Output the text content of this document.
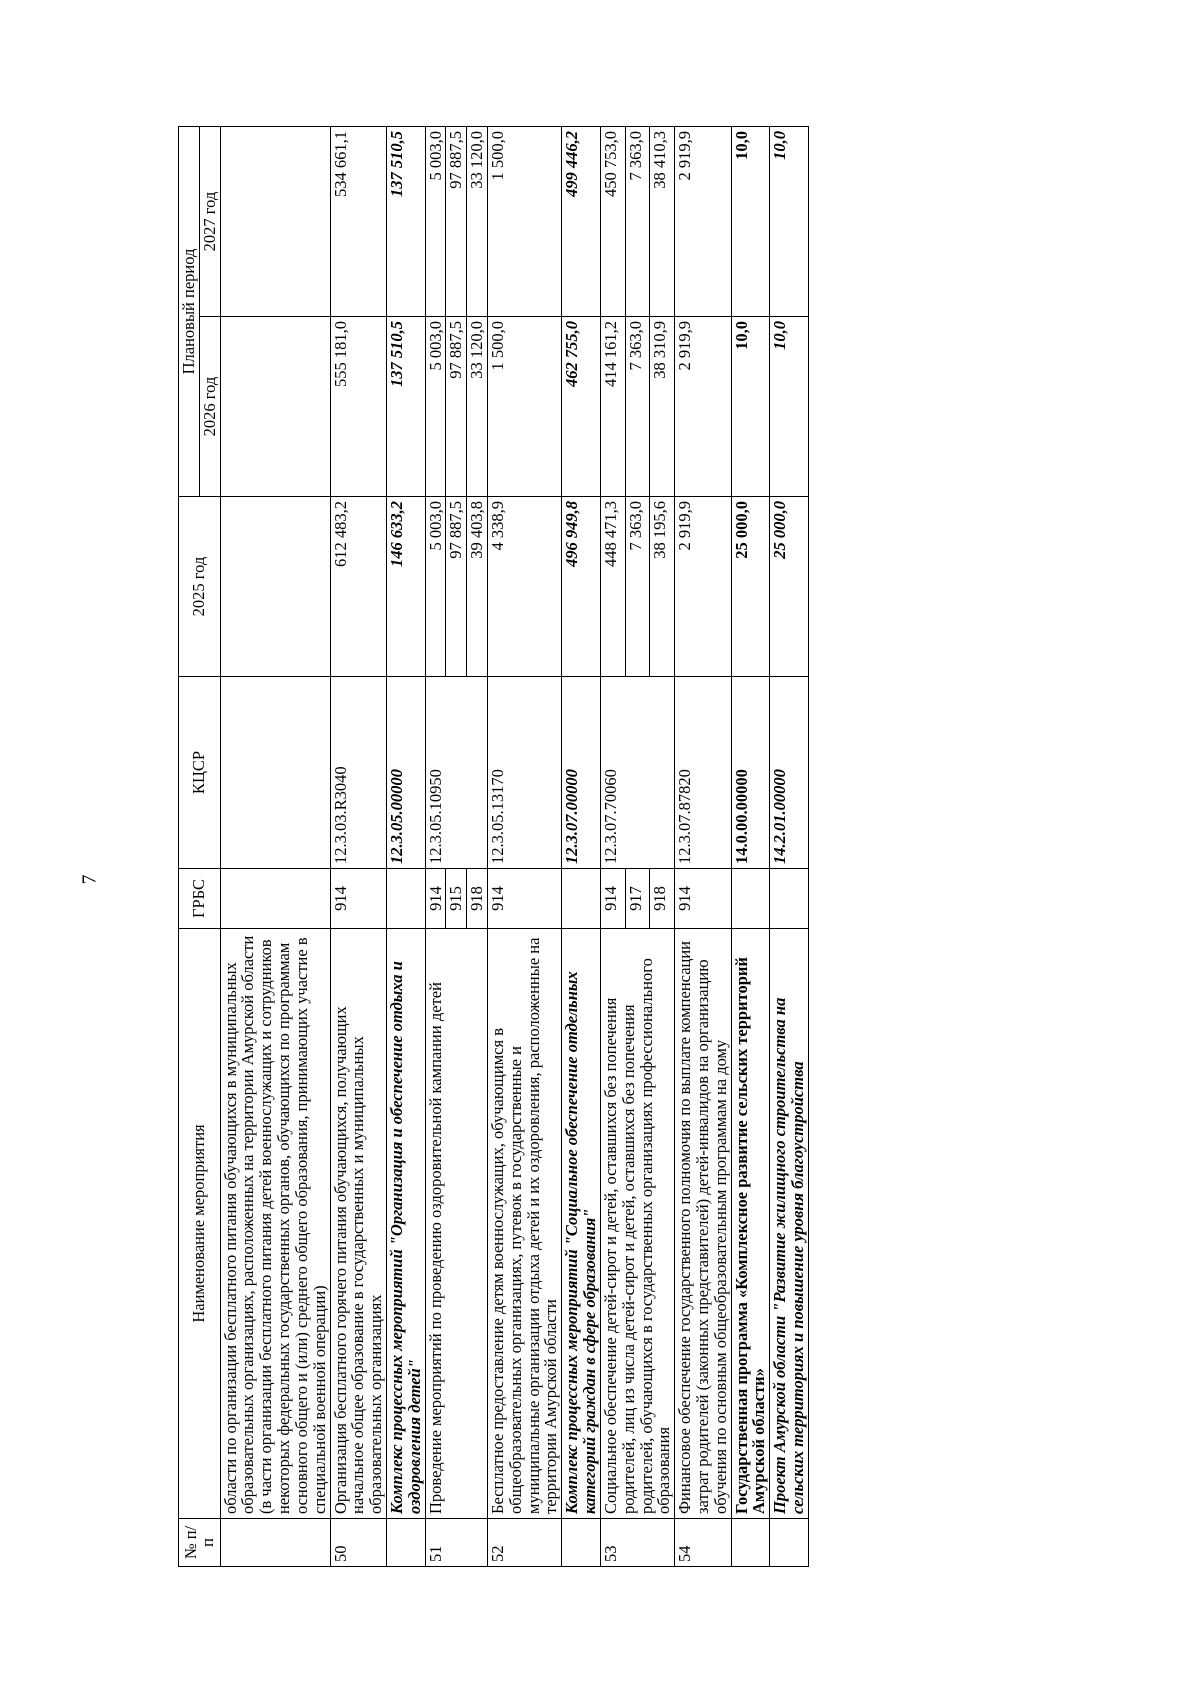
7
№ п/п	Наименование мероприятия	ГРБС	КЦСР	2025 год	Плановый период	
					2026 год	2027 год
	области по организации бесплатного питания обучающихся в муниципальных образовательных организациях, расположенных на территории Амурской области (в части организации бесплатного питания детей военнослужащих и сотрудников некоторых федеральных государственных органов, обучающихся по программам основного общего и (или) среднего общего образования, принимающих участие в специальной военной операции)					
50	Организация бесплатного горячего питания обучающихся, получающих начальное общее образование в государственных и муниципальных образовательных организациях	914	12.3.03.R3040	612 483,2	555 181,0	534 661,1
	Комплекс процессных мероприятий "Организация и обеспечение отдыха и оздоровления детей"		12.3.05.00000	146 633,2	137 510,5	137 510,5
51	Проведение мероприятий по проведению оздоровительной кампании детей	914	12.3.05.10950	5 003,0	5 003,0	5 003,0
		915		97 887,5	97 887,5	97 887,5
		918		39 403,8	33 120,0	33 120,0
52	Бесплатное предоставление детям военнослужащих, обучающимся в общеобразовательных организациях, путевок в государственные и муниципальные организации отдыха детей и их оздоровления, расположенные на территории Амурской области	914	12.3.05.13170	4 338,9	1 500,0	1 500,0
	Комплекс процессных мероприятий "Социальное обеспечение отдельных категорий граждан в сфере образования"		12.3.07.00000	496 949,8	462 755,0	499 446,2
53	Социальное обеспечение детей-сирот и детей, оставшихся без попечения родителей, лиц из числа детей-сирот и детей, оставшихся без попечения родителей, обучающихся в государственных организациях профессионального образования	914	12.3.07.70060	448 471,3	414 161,2	450 753,0
		917		7 363,0	7 363,0	7 363,0
		918		38 195,6	38 310,9	38 410,3
54	Финансовое обеспечение государственного полномочия по выплате компенсации затрат родителей (законных представителей) детей-инвалидов на организацию обучения по основным общеобразовательным программам на дому	914	12.3.07.87820	2 919,9	2 919,9	2 919,9
	Государственная программа «Комплексное развитие сельских территорий Амурской области»		14.0.00.00000	25 000,0	10,0	10,0
	Проект Амурской области "Развитие жилищного строительства на сельских территориях и повышение уровня благоустройства		14.2.01.00000	25 000,0	10,0	10,0
